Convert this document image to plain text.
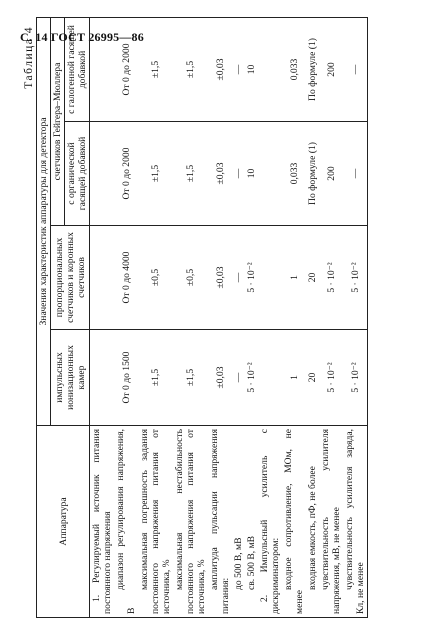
С. 14 ГОСТ 26995—86
Таблица 4
Аппаратура	Значения характеристик аппаратуры для детектора			
	импульсных ионизационных камер	пропорциональных счетчиков и коронных счетчиков	счетчиков Гейгера–Мюллера	
			с органической гасящей добавкой	с галогенной гасящей добавкой
1. Регулируемый источник питания постоянного напряжения				
диапазон регулирования напряжения, В	От 0 до 1500	От 0 до 4000	От 0 до 2000	От 0 до 2000
максимальная погрешность задания постоянного напряжения питания от источника, %	±1,5	±0,5	±1,5	±1,5
максимальная нестабильность постоянного напряжения питания от источника, %	±1,5	±0,5	±1,5	±1,5
амплитуда пульсации напряжения питания:	±0,03	±0,03	±0,03	±0,03
до 500 В, мВ	—	—	—	—
св. 500 В, мВ	5 · 10⁻²	5 · 10⁻²	10	10
2. Импульсный усилитель с дискриминатором:				
входное сопротивление, МОм, не менее	1	1	0,033	0,033
входная емкость, пФ, не более	20	20	По формуле (1)	По формуле (1)
чувствительность усилителя напряжения, мВ, не менее	5 · 10⁻²	5 · 10⁻²	200	200
чувствительность усилителя заряда, Кл, не менее	5 · 10⁻²	5 · 10⁻²	—	—
